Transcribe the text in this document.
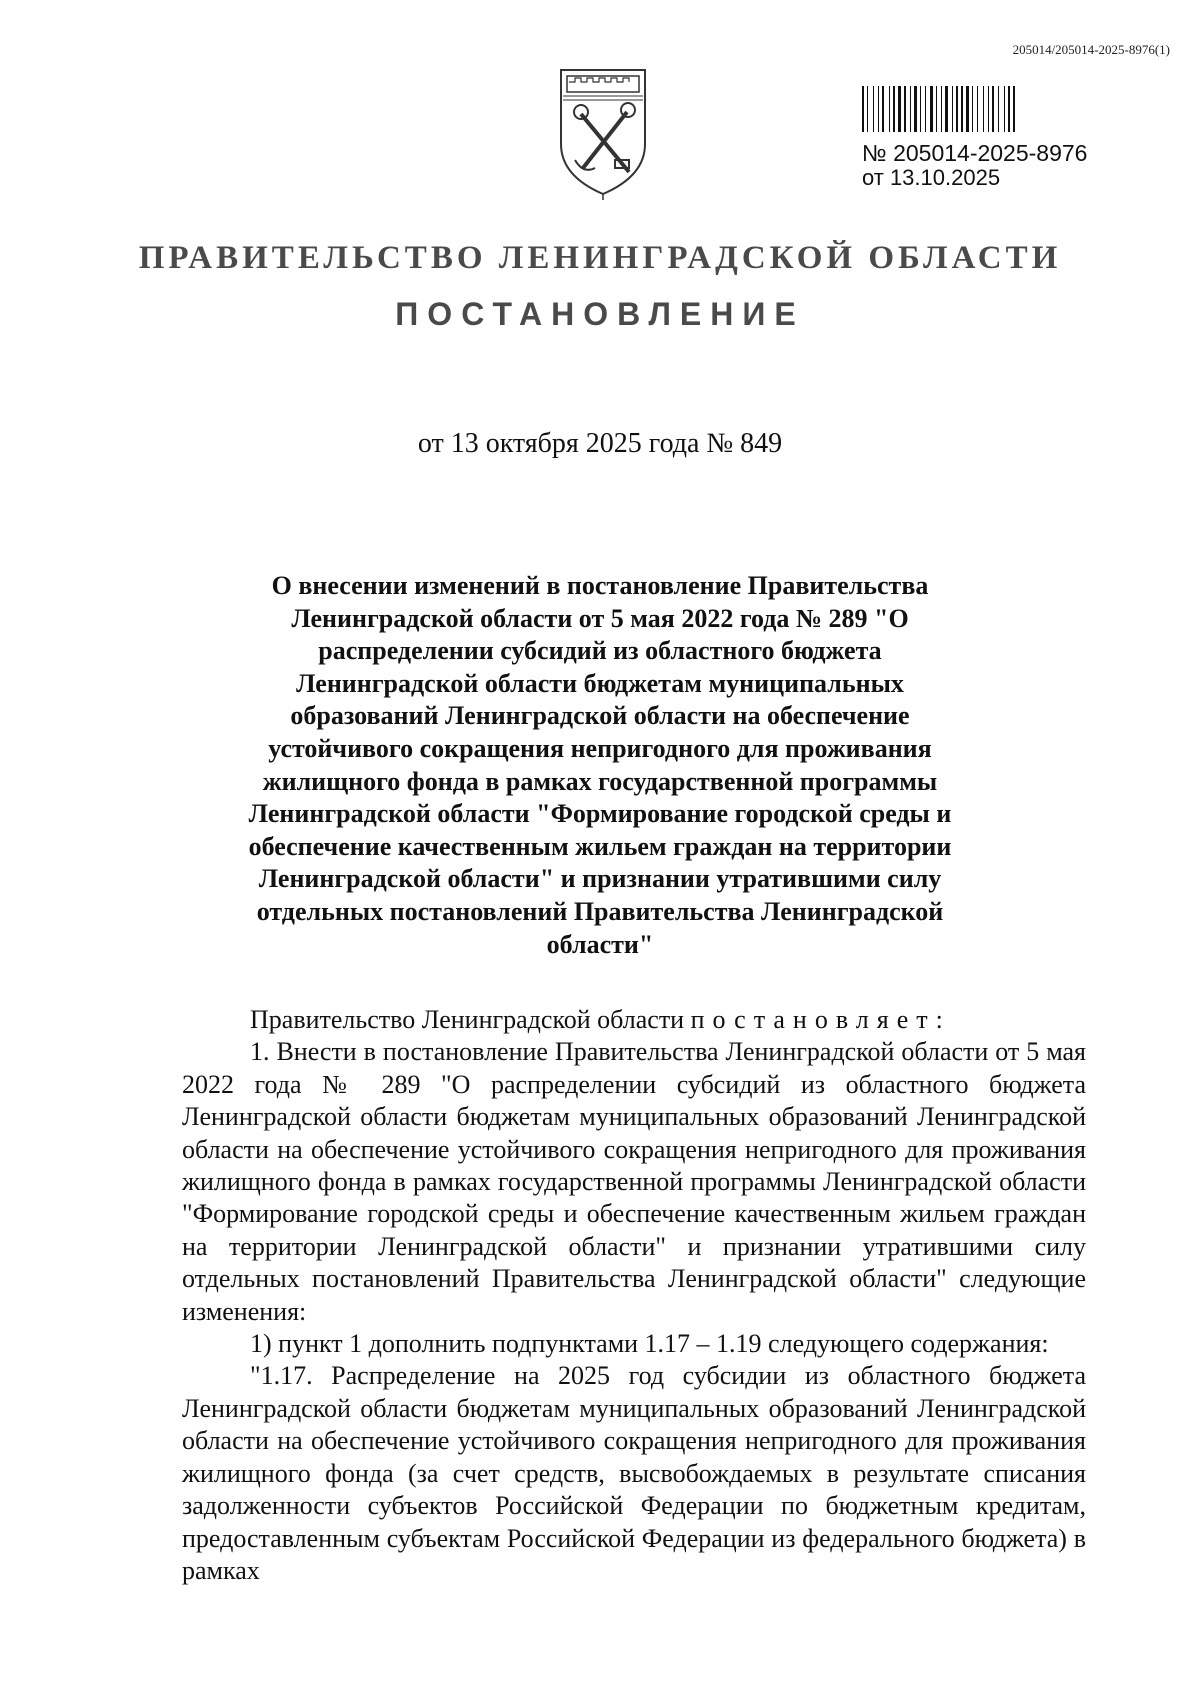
205014/205014-2025-8976(1)
№ 205014-2025-8976
от 13.10.2025
ПРАВИТЕЛЬСТВО ЛЕНИНГРАДСКОЙ ОБЛАСТИ
ПОСТАНОВЛЕНИЕ
от 13 октября 2025 года № 849
О внесении изменений в постановление Правительства Ленинградской области от 5 мая 2022 года № 289 "О распределении субсидий из областного бюджета Ленинградской области бюджетам муниципальных образований Ленинградской области на обеспечение устойчивого сокращения непригодного для проживания жилищного фонда в рамках государственной программы Ленинградской области "Формирование городской среды и обеспечение качественным жильем граждан на территории Ленинградской области" и признании утратившими силу отдельных постановлений Правительства Ленинградской области"

Правительство Ленинградской области постановляет:

1. Внести в постановление Правительства Ленинградской области от 5 мая 2022 года № 289 "О распределении субсидий из областного бюджета Ленинградской области бюджетам муниципальных образований Ленинградской области на обеспечение устойчивого сокращения непригодного для проживания жилищного фонда в рамках государственной программы Ленинградской области "Формирование городской среды и обеспечение качественным жильем граждан на территории Ленинградской области" и признании утратившими силу отдельных постановлений Правительства Ленинградской области" следующие изменения:

1) пункт 1 дополнить подпунктами 1.17 – 1.19 следующего содержания:

"1.17. Распределение на 2025 год субсидии из областного бюджета Ленинградской области бюджетам муниципальных образований Ленинградской области на обеспечение устойчивого сокращения непригодного для проживания жилищного фонда (за счет средств, высвобождаемых в результате списания задолженности субъектов Российской Федерации по бюджетным кредитам, предоставленным субъектам Российской Федерации из федерального бюджета) в рамках
